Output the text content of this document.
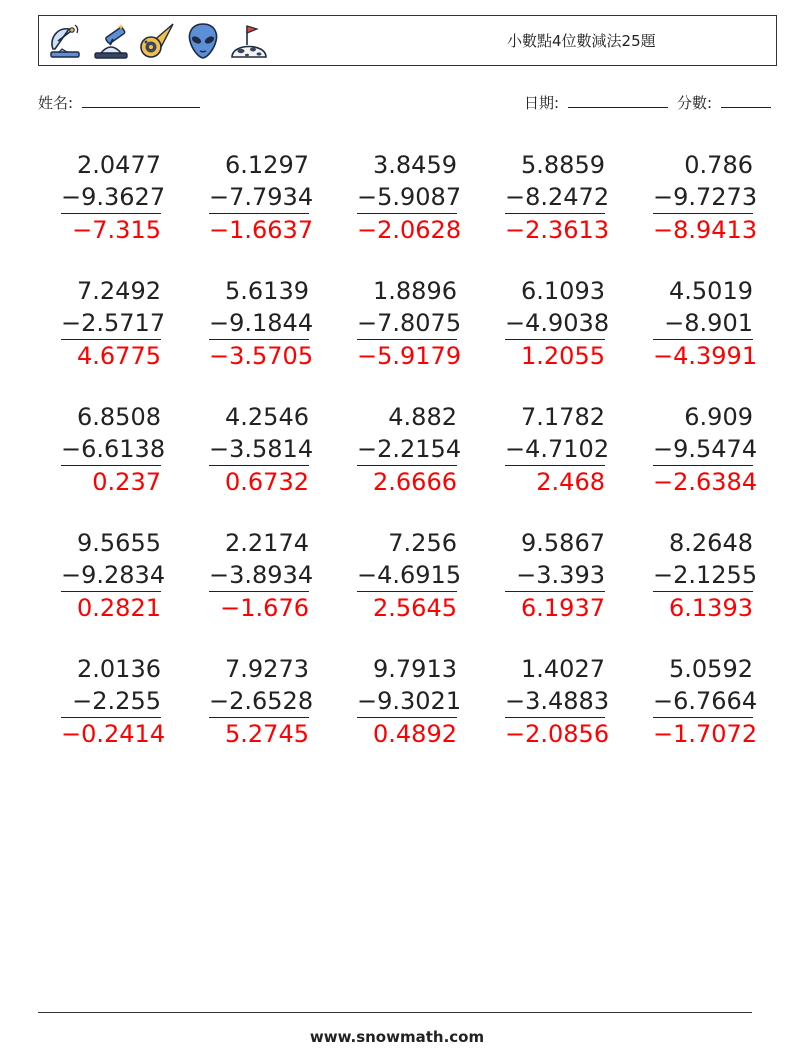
小數點4位數減法25題
姓名:	日期:	分數:
2.0477
−9.3627
−7.315
6.1297
−7.7934
−1.6637
3.8459
−5.9087
−2.0628
5.8859
−8.2472
−2.3613
0.786
−9.7273
−8.9413
7.2492
−2.5717
4.6775
5.6139
−9.1844
−3.5705
1.8896
−7.8075
−5.9179
6.1093
−4.9038
1.2055
4.5019
−8.901
−4.3991
6.8508
−6.6138
0.237
4.2546
−3.5814
0.6732
4.882
−2.2154
2.6666
7.1782
−4.7102
2.468
6.909
−9.5474
−2.6384
9.5655
−9.2834
0.2821
2.2174
−3.8934
−1.676
7.256
−4.6915
2.5645
9.5867
−3.393
6.1937
8.2648
−2.1255
6.1393
2.0136
−2.255
−0.2414
7.9273
−2.6528
5.2745
9.7913
−9.3021
0.4892
1.4027
−3.4883
−2.0856
5.0592
−6.7664
−1.7072
www.snowmath.com
